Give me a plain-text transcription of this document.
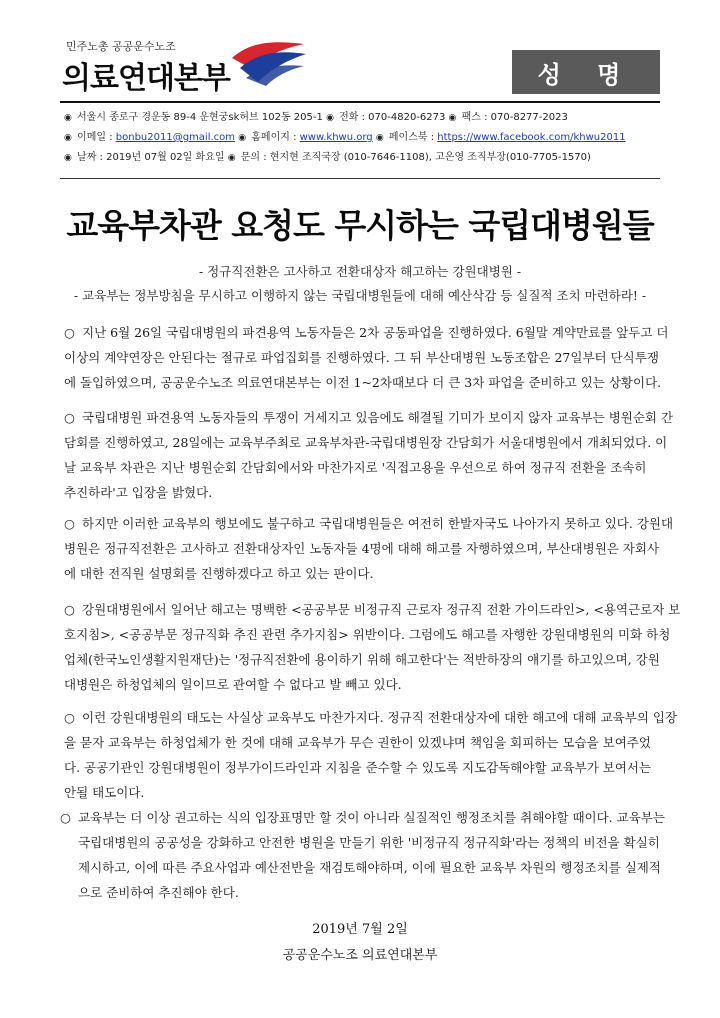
민주노총 공공운수노조
의료연대본부	성 명
◉ 서울시 종로구 경운동 89-4 운현궁sk허브 102동 205-1 ◉ 전화 : 070-4820-6273 ◉ 팩스 : 070-8277-2023
◉ 이메일 : bonbu2011@gmail.com ◉ 홈페이지 : www.khwu.org ◉ 페이스북 : https://www.facebook.com/khwu2011
◉ 날짜 : 2019년 07월 02일 화요일 ◉ 문의 : 현지현 조직국장 (010-7646-1108), 고은영 조직부장(010-7705-1570)
교육부차관 요청도 무시하는 국립대병원들
- 정규직전환은 고사하고 전환대상자 해고하는 강원대병원 -
- 교육부는 정부방침을 무시하고 이행하지 않는 국립대병원들에 대해 예산삭감 등 실질적 조치 마련하라! -
○ 지난 6월 26일 국립대병원의 파견용역 노동자들은 2차 공동파업을 진행하였다. 6월말 계약만료를 앞두고 더
이상의 계약연장은 안된다는 절규로 파업집회를 진행하였다. 그 뒤 부산대병원 노동조합은 27일부터 단식투쟁
에 돌입하였으며, 공공운수노조 의료연대본부는 이전 1~2차때보다 더 큰 3차 파업을 준비하고 있는 상황이다.
○ 국립대병원 파견용역 노동자들의 투쟁이 거세지고 있음에도 해결될 기미가 보이지 않자 교육부는 병원순회 간
담회를 진행하였고, 28일에는 교육부주최로 교육부차관-국립대병원장 간담회가 서울대병원에서 개최되었다. 이
날 교육부 차관은 지난 병원순회 간담회에서와 마찬가지로 '직접고용을 우선으로 하여 정규직 전환을 조속히
추진하라'고 입장을 밝혔다.
○ 하지만 이러한 교육부의 행보에도 불구하고 국립대병원들은 여전히 한발자국도 나아가지 못하고 있다. 강원대
병원은 정규직전환은 고사하고 전환대상자인 노동자들 4명에 대해 해고를 자행하였으며, 부산대병원은 자회사
에 대한 전직원 설명회를 진행하겠다고 하고 있는 판이다.
○ 강원대병원에서 일어난 해고는 명백한 <공공부문 비정규직 근로자 정규직 전환 가이드라인>, <용역근로자 보
호지침>, <공공부문 정규직화 추진 관련 추가지침> 위반이다. 그럼에도 해고를 자행한 강원대병원의 미화 하청
업체(한국노인생활지원재단)는 '정규직전환에 용이하기 위해 해고한다'는 적반하장의 얘기를 하고있으며, 강원
대병원은 하청업체의 일이므로 관여할 수 없다고 발 빼고 있다.
○ 이런 강원대병원의 태도는 사실상 교육부도 마찬가지다. 정규직 전환대상자에 대한 해고에 대해 교육부의 입장
을 묻자 교육부는 하청업체가 한 것에 대해 교육부가 무슨 권한이 있겠냐며 책임을 회피하는 모습을 보여주었
다. 공공기관인 강원대병원이 정부가이드라인과 지침을 준수할 수 있도록 지도감독해야할 교육부가 보여서는
안될 태도이다.
○ 교육부는 더 이상 권고하는 식의 입장표명만 할 것이 아니라 실질적인 행정조치를 취해야할 때이다. 교육부는
국립대병원의 공공성을 강화하고 안전한 병원을 만들기 위한 '비정규직 정규직화'라는 정책의 비전을 확실히
제시하고, 이에 따른 주요사업과 예산전반을 재검토해야하며, 이에 필요한 교육부 차원의 행정조치를 실제적
으로 준비하여 추진해야 한다.
2019년 7월 2일
공공운수노조 의료연대본부
